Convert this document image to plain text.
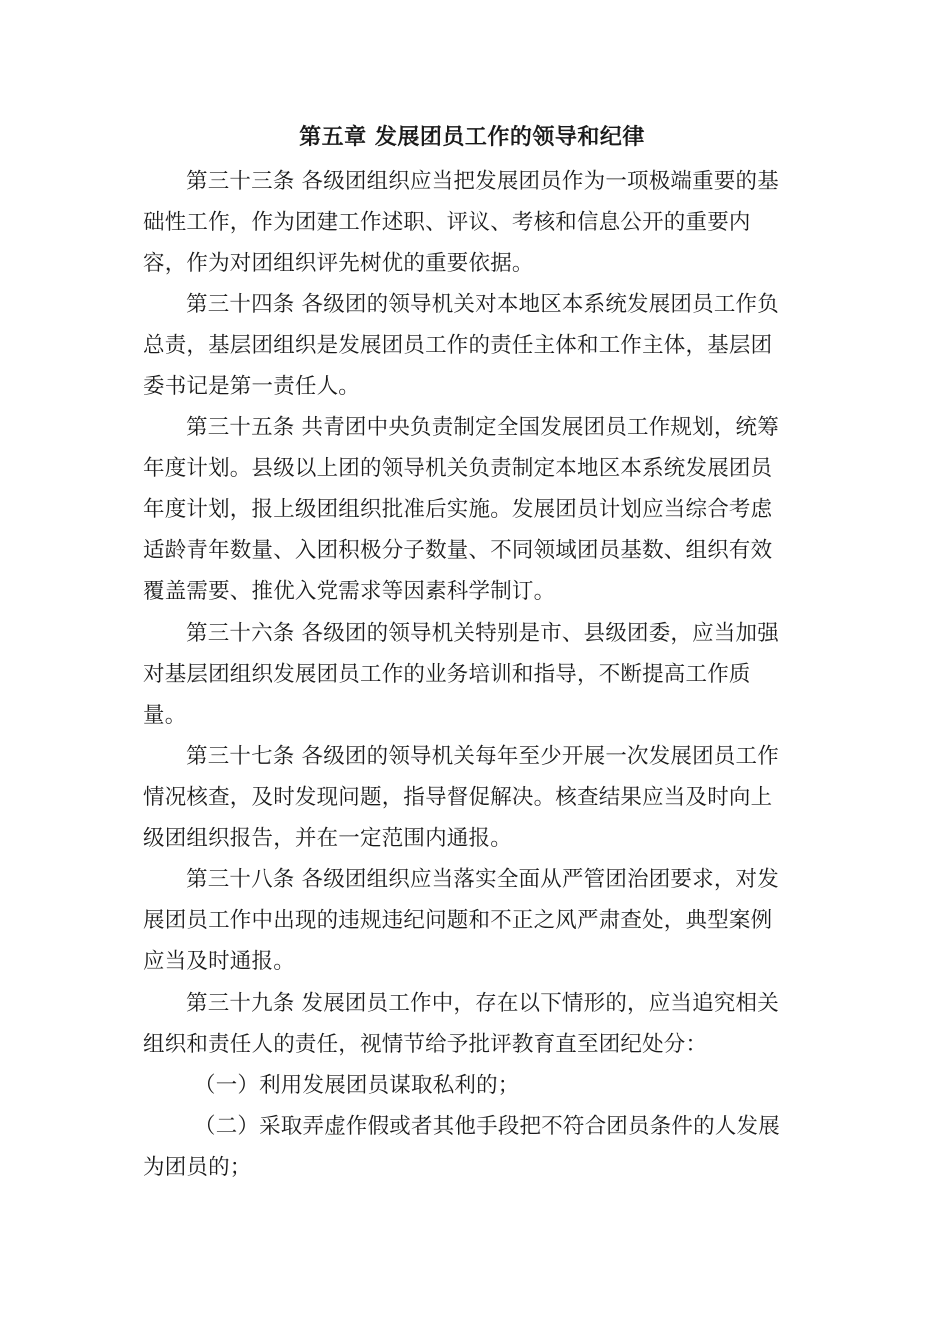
第五章 发展团员工作的领导和纪律
第三十三条 各级团组织应当把发展团员作为一项极端重要的基
础性工作，作为团建工作述职、评议、考核和信息公开的重要内
容，作为对团组织评先树优的重要依据。
第三十四条 各级团的领导机关对本地区本系统发展团员工作负
总责，基层团组织是发展团员工作的责任主体和工作主体，基层团
委书记是第一责任人。
第三十五条 共青团中央负责制定全国发展团员工作规划，统筹
年度计划。县级以上团的领导机关负责制定本地区本系统发展团员
年度计划，报上级团组织批准后实施。发展团员计划应当综合考虑
适龄青年数量、入团积极分子数量、不同领域团员基数、组织有效
覆盖需要、推优入党需求等因素科学制订。
第三十六条 各级团的领导机关特别是市、县级团委，应当加强
对基层团组织发展团员工作的业务培训和指导，不断提高工作质
量。
第三十七条 各级团的领导机关每年至少开展一次发展团员工作
情况核查，及时发现问题，指导督促解决。核查结果应当及时向上
级团组织报告，并在一定范围内通报。
第三十八条 各级团组织应当落实全面从严管团治团要求，对发
展团员工作中出现的违规违纪问题和不正之风严肃查处，典型案例
应当及时通报。
第三十九条 发展团员工作中，存在以下情形的，应当追究相关
组织和责任人的责任，视情节给予批评教育直至团纪处分：
（一）利用发展团员谋取私利的；
（二）采取弄虚作假或者其他手段把不符合团员条件的人发展
为团员的；
